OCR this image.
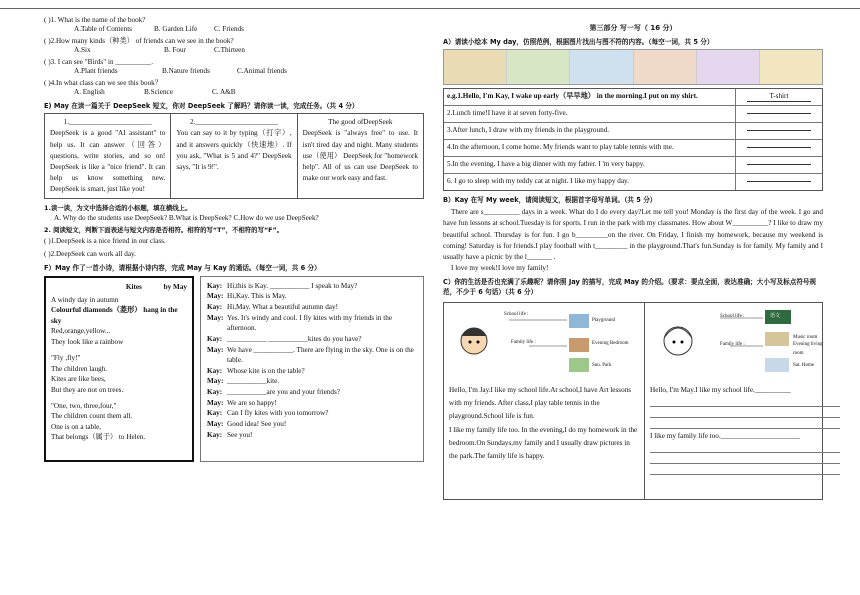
( )1. What is the name of the book?
A.Table of Contents	B. Garden Life	C. Friends
( )2.How many kinds（种类） of friends can we see in the book?
A.Six	B. Four	C.Thirteen
( )3. I can see "Birds" in __________.
A.Plant friends	B.Nature friends	C.Animal friends
( )4.In what class can we see this book？
A. English	B.Science	C. A&B
E) May 在读一篇关于 DeepSeek 短文，你对 DeepSeek 了解吗？请你读一读，完成任务。（共 4 分）
1._______________________
DeepSeek is a good "AI assistant" to help us. It can answer（回答） questions, write stories, and so on! DeepSeek is like a "nice friend". It can help us know something new. DeepSeek is smart, just like you!
2._______________________
You can say to it by typing（打字）, and it answers quickly（快速地）. If you ask, "What is 5 and 4?" DeepSeek says, "It is 9!".
The good ofDeepSeek
DeepSeek is "always free" to use. It isn't tired day and night. Many students use（使用） DeepSeek for "homework help". All of us can use DeepSeek to make our work easy and fast.
1.读一读，为文中选择合适的小标题，填在横线上。
A. Why do the students use DeepSeek? B.What is DeepSeek? C.How do we use DeepSeek?
2. 阅读短文，判断下面表述与短文内容是否相符。相符的写“T”，不相符的写“F”。
( )1.DeepSeek is a nice friend in our class.
( )2.DeepSeek can work all day.
F）May 作了一首小诗，请根据小诗内容，完成 May 与 Kay 的通话。（每空一词，共 6 分）
Kites	by May
A windy day in autumn
Colourful diamonds（菱形） hang in the sky
Red,orange,yellow...
They look like a rainbow
"Fly ,fly!"
The children laugh.
Kites are like bees,
But they are not on trees.
"One, two, three,four,"
The children count them all.
One is on a table,
That belongs（属于） to Helen.
Kay: Hi,this is Kay. ___________ I speak to May?
May: Hi,Kay. This is May.
Kay: Hi,May. What a beautiful autumn day!
May: Yes. It's windy and cool. I fly kites with my friends in the afternoon.
Kay: ___________ ___________kites do you have?
May: We have ___________. There are flying in the sky. One is on the table.
Kay: Whose kite is on the table?
May: ___________kite.
Kay: ___________are you and your friends?
May: We are so happy!
Kay: Can I fly kites with you tomorrow?
May: Good idea! See you!
Kay: See you!
第三部分 写一写（ 16 分）
A）请读小绘本 My day，仿照范例，根据图片找出与图不符的内容。（每空一词，共 5 分）
e.g.1.Hello, I'm Kay, I wake up early（早早地） in the morning.I put on my shirt.	T-shirt
2.Lunch time!I have it at seven forty-five.
3.After lunch, I draw with my friends in the playground.
4.In the afternoon, I come home. My friends want to play table tennis with me.
5.In the evening, I have a big dinner with my father. I 'm very happy.
6. I go to sleep with my teddy cat at night. I like my happy day.
B）Kay 在写 My week，请阅读短文，根据首字母写单词。（共 5 分）
There are s__________ days in a week. What do I do every day?Let me tell you! Monday is the first day of the week. I go and have fun lessons at school.Tuesday is for sports. I run in the park with my classmates. How about W__________? I like to draw my beautiful school. Thursday is for fun. I go b_________on the river. On Friday, I finish my homework, because my weekend is coming! Saturday is for friends.I play football with t_________ in the playground.That's fun.Sunday is for family. My family and I usually have a picnic by the l_______ .
I love my week!I love my family!
C）你的生活是否也充满了乐趣呢？请你照 Jay 的描写，完成 May 的介绍。（要求：要点全面，表达准确；大小写及标点符号规范，不少于 6 句话）（共 6 分）
School life :
Playground
Family life :	Evening Bedroom
Sun. Park
Hello, I'm Jay.I like my school life.At school,I have Art lessons with my friends. After class,I play table tennis in the playground.School life is fun.
I like my family life too. In the evening,I do my homework in the bedroom.On Sundays,my family and I usually draw pictures in the park.The family life is happy.
School life :	语文
Music room
Family life :	Evening living room
Sat. Home
Hello, I'm May.I like my school life.__________
I like my family life too.______________________
